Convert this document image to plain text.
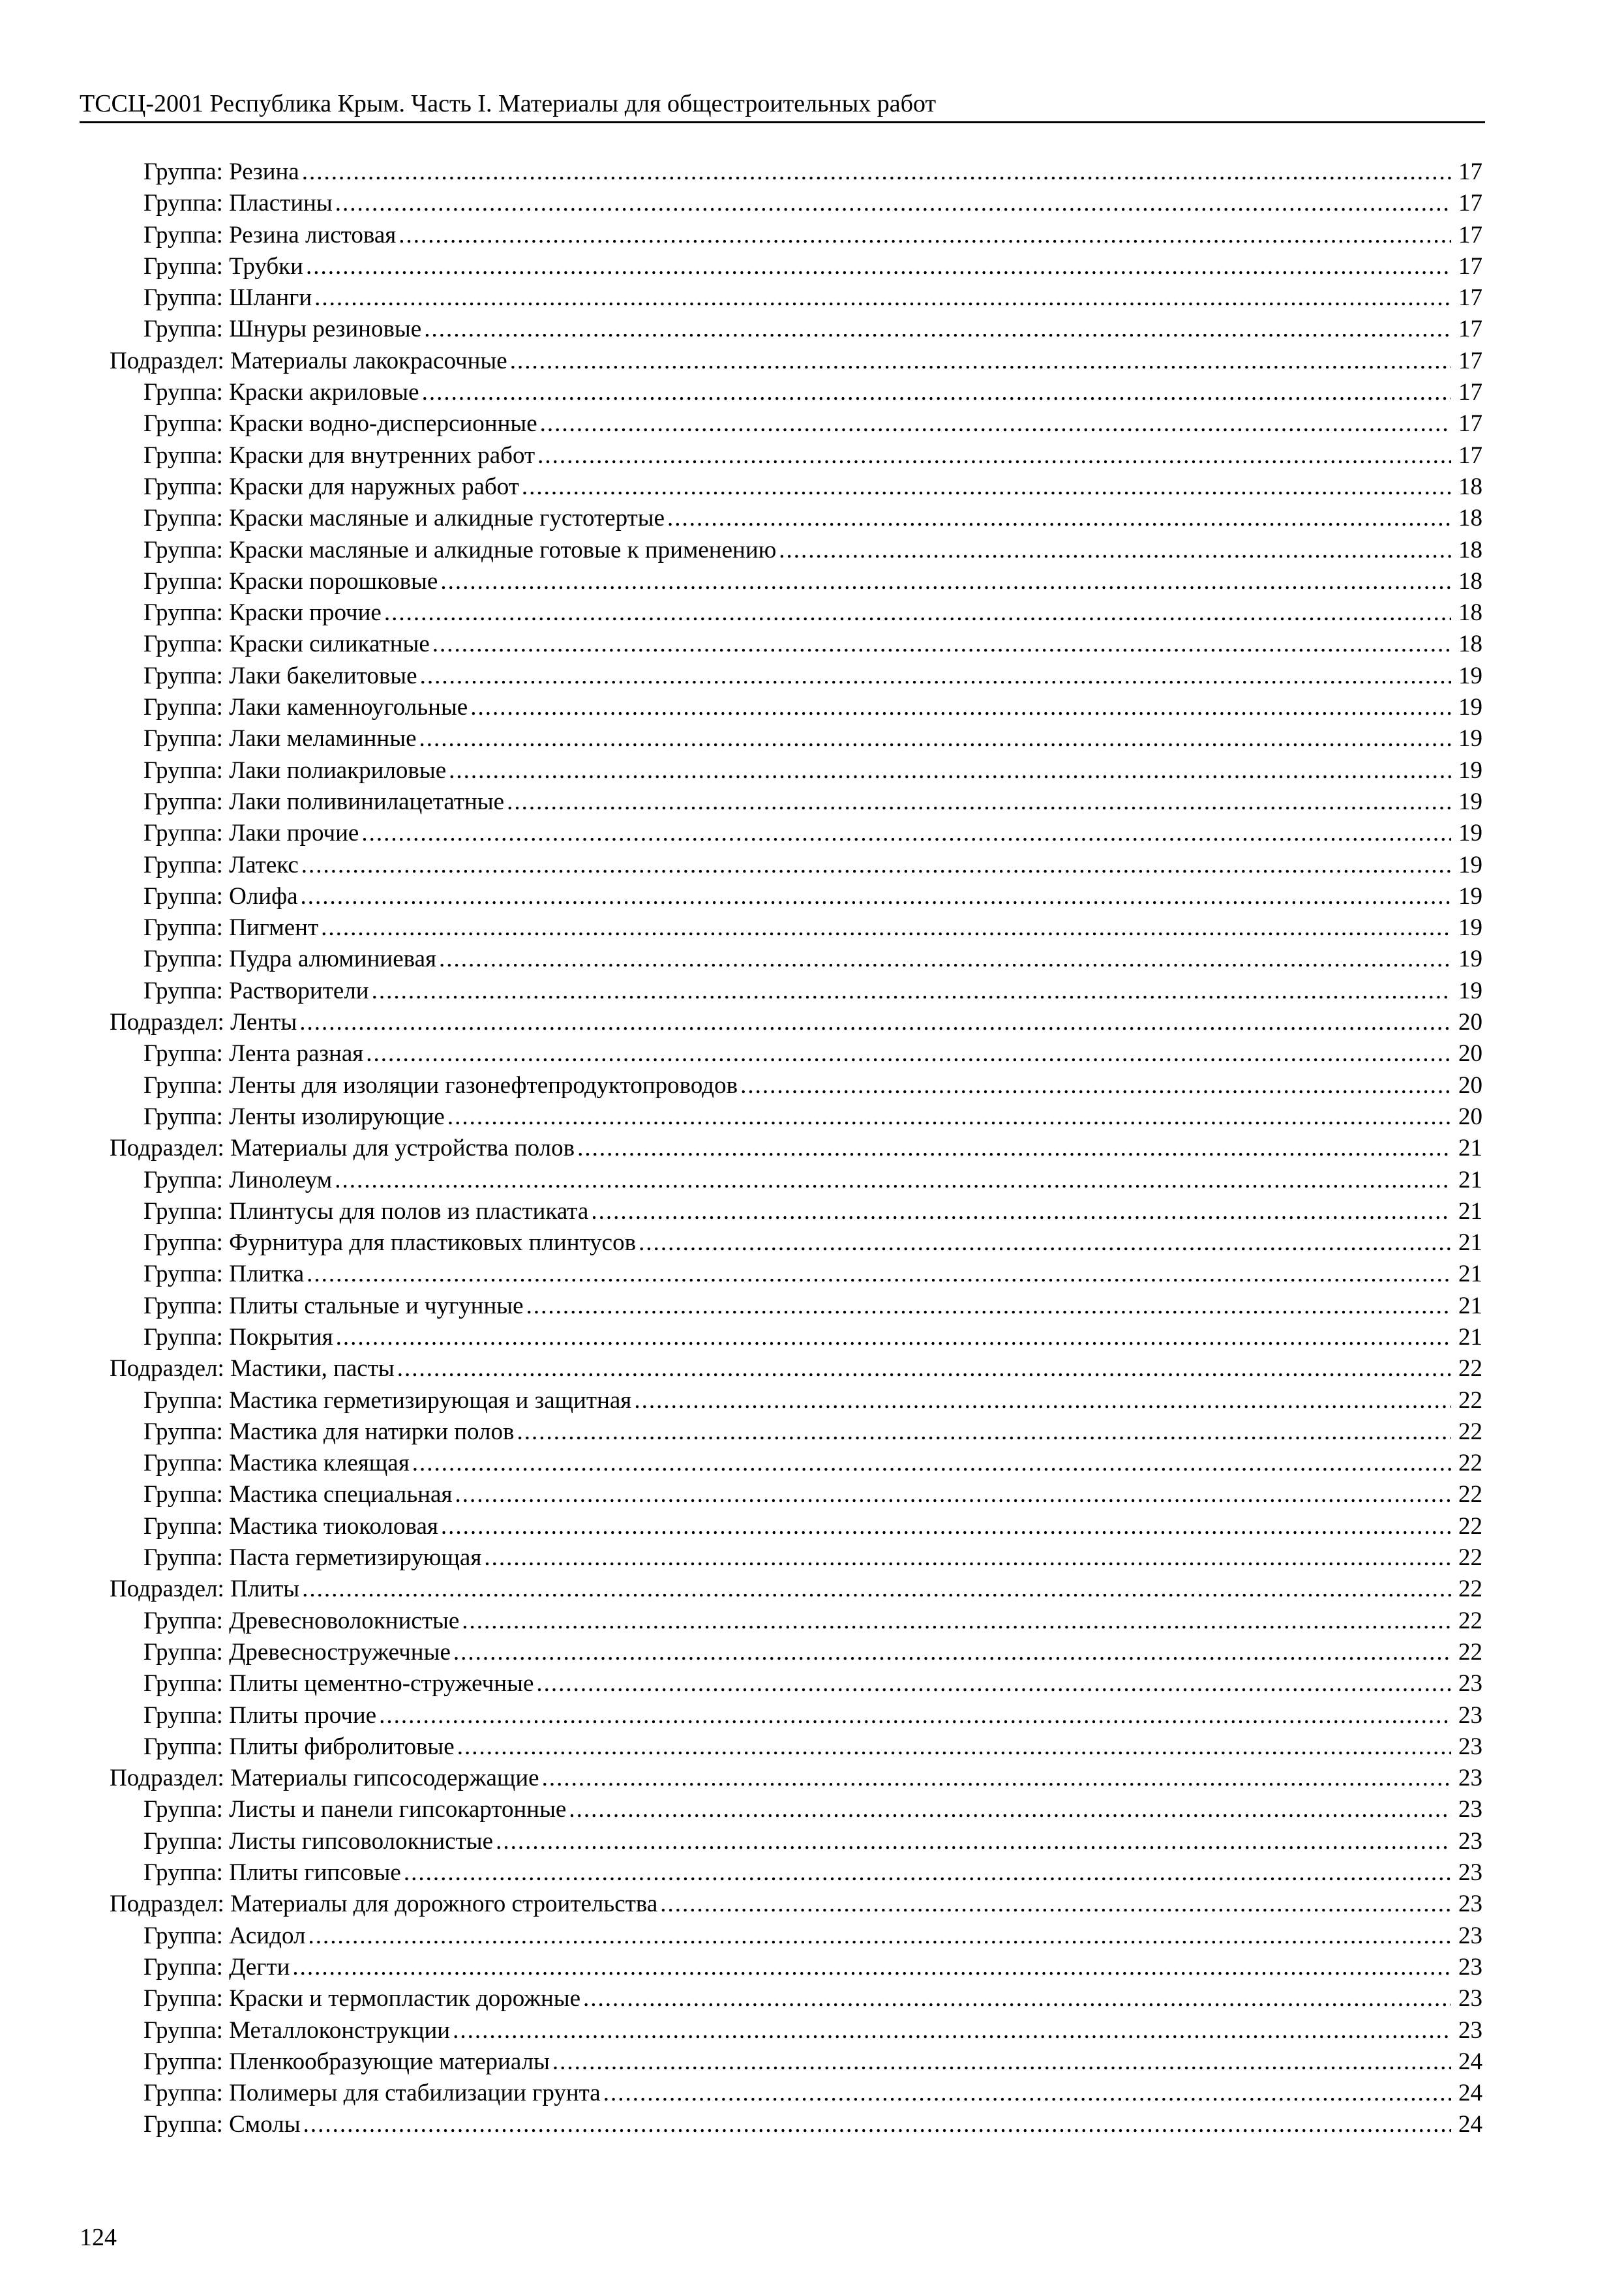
ТССЦ-2001 Республика Крым. Часть I. Материалы для общестроительных работ
Группа: Резина .....	17
Группа: Пластины .....	17
Группа: Резина листовая .....	17
Группа: Трубки .....	17
Группа: Шланги .....	17
Группа: Шнуры резиновые .....	17
Подраздел: Материалы лакокрасочные .....	17
Группа: Краски акриловые .....	17
Группа: Краски водно-дисперсионные .....	17
Группа: Краски для внутренних работ .....	17
Группа: Краски для наружных работ .....	18
Группа: Краски масляные и алкидные густотертые .....	18
Группа: Краски масляные и алкидные готовые к применению .....	18
Группа: Краски порошковые .....	18
Группа: Краски прочие .....	18
Группа: Краски силикатные .....	18
Группа: Лаки бакелитовые .....	19
Группа: Лаки каменноугольные .....	19
Группа: Лаки меламинные .....	19
Группа: Лаки полиакриловые .....	19
Группа: Лаки поливинилацетатные .....	19
Группа: Лаки прочие .....	19
Группа: Латекс .....	19
Группа: Олифа .....	19
Группа: Пигмент .....	19
Группа: Пудра алюминиевая .....	19
Группа: Растворители .....	19
Подраздел: Ленты .....	20
Группа: Лента разная .....	20
Группа: Ленты для изоляции газонефтепродуктопроводов .....	20
Группа: Ленты изолирующие .....	20
Подраздел: Материалы для устройства полов .....	21
Группа: Линолеум .....	21
Группа: Плинтусы для полов из пластиката .....	21
Группа: Фурнитура для пластиковых плинтусов .....	21
Группа: Плитка .....	21
Группа: Плиты стальные и чугунные .....	21
Группа: Покрытия .....	21
Подраздел: Мастики, пасты .....	22
Группа: Мастика герметизирующая и защитная .....	22
Группа: Мастика для натирки полов .....	22
Группа: Мастика клеящая .....	22
Группа: Мастика специальная .....	22
Группа: Мастика тиоколовая .....	22
Группа: Паста герметизирующая .....	22
Подраздел: Плиты .....	22
Группа: Древесноволокнистые .....	22
Группа: Древесностружечные .....	22
Группа: Плиты цементно-стружечные .....	23
Группа: Плиты прочие .....	23
Группа: Плиты фибролитовые .....	23
Подраздел: Материалы гипсосодержащие .....	23
Группа: Листы и панели гипсокартонные .....	23
Группа: Листы гипсоволокнистые .....	23
Группа: Плиты гипсовые .....	23
Подраздел: Материалы для дорожного строительства .....	23
Группа: Асидол .....	23
Группа: Дегти .....	23
Группа: Краски и термопластик дорожные .....	23
Группа: Металлоконструкции .....	23
Группа: Пленкообразующие материалы .....	24
Группа: Полимеры для стабилизации грунта .....	24
Группа: Смолы .....	24
124
